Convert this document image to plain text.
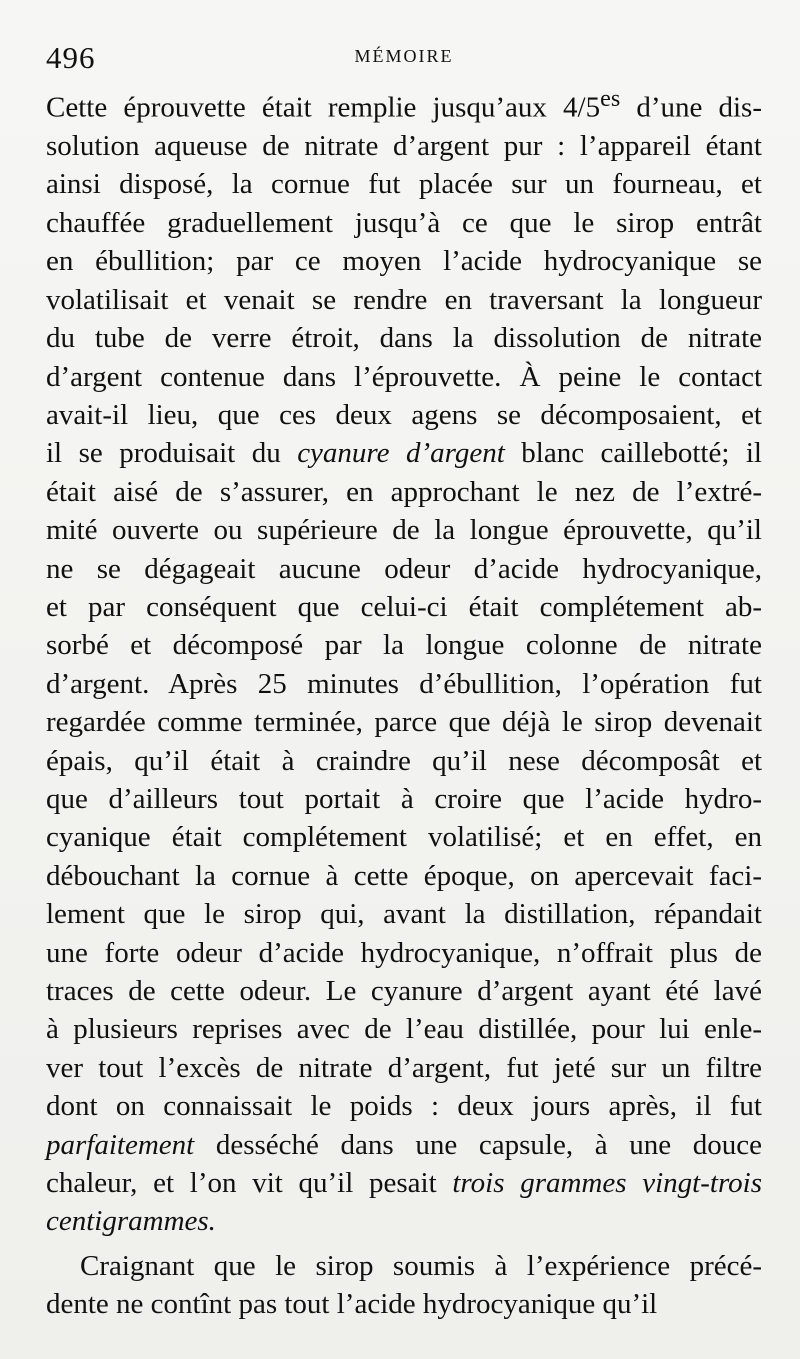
496	MÉMOIRE
Cette éprouvette était remplie jusqu’aux $4/5^{es}$ d’une dis-
solution aqueuse de nitrate d’argent pur : l’appareil étant
ainsi disposé, la cornue fut placée sur un fourneau, et
chauffée graduellement jusqu’à ce que le sirop entrât
en ébullition; par ce moyen l’acide hydrocyanique se
volatilisait et venait se rendre en traversant la longueur
du tube de verre étroit, dans la dissolution de nitrate
d’argent contenue dans l’éprouvette. À peine le contact
avait-il lieu, que ces deux agens se décomposaient, et
il se produisait du cyanure d’argent blanc caillebotté; il
était aisé de s’assurer, en approchant le nez de l’extré-
mité ouverte ou supérieure de la longue éprouvette, qu’il
ne se dégageait aucune odeur d’acide hydrocyanique,
et par conséquent que celui-ci était complétement ab-
sorbé et décomposé par la longue colonne de nitrate
d’argent. Après 25 minutes d’ébullition, l’opération fut
regardée comme terminée, parce que déjà le sirop devenait
épais, qu’il était à craindre qu’il nese décomposât et
que d’ailleurs tout portait à croire que l’acide hydro-
cyanique était complétement volatilisé; et en effet, en
débouchant la cornue à cette époque, on apercevait faci-
lement que le sirop qui, avant la distillation, répandait
une forte odeur d’acide hydrocyanique, n’offrait plus de
traces de cette odeur. Le cyanure d’argent ayant été lavé
à plusieurs reprises avec de l’eau distillée, pour lui enle-
ver tout l’excès de nitrate d’argent, fut jeté sur un filtre
dont on connaissait le poids : deux jours après, il fut
parfaitement desséché dans une capsule, à une douce
chaleur, et l’on vit qu’il pesait trois grammes vingt-trois
centigrammes.
Craignant que le sirop soumis à l’expérience précé-
dente ne contînt pas tout l’acide hydrocyanique qu’il
